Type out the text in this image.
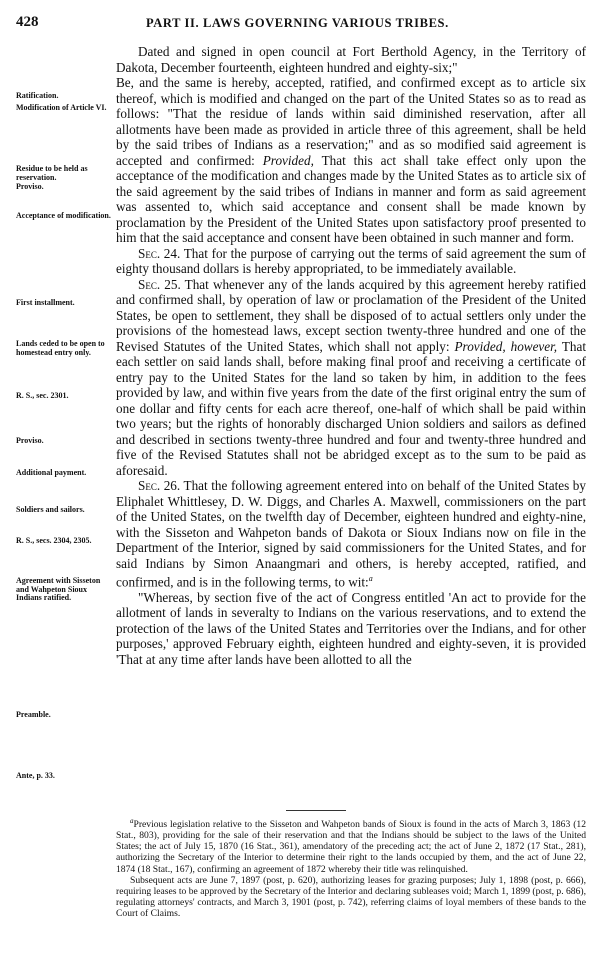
428	PART II. LAWS GOVERNING VARIOUS TRIBES.
Ratification.
Modification of Article VI.
Residue to be held as reservation.
Proviso.
Acceptance of modification.
First installment.
Lands ceded to be open to homestead entry only.
R. S., sec. 2301.
Proviso.
Additional payment.
Soldiers and sailors.
R. S., secs. 2304, 2305.
Agreement with Sisseton and Wahpeton Sioux Indians ratified.
Preamble.
Ante, p. 33.

Dated and signed in open council at Fort Berthold Agency, in the Territory of Dakota, December fourteenth, eighteen hundred and eighty-six;"

Be, and the same is hereby, accepted, ratified, and confirmed except as to article six thereof, which is modified and changed on the part of the United States so as to read as follows: "That the residue of lands within said diminished reservation, after all allotments have been made as provided in article three of this agreement, shall be held by the said tribes of Indians as a reservation;" and as so modified said agreement is accepted and confirmed: Provided, That this act shall take effect only upon the acceptance of the modification and changes made by the United States as to article six of the said agreement by the said tribes of Indians in manner and form as said agreement was assented to, which said acceptance and consent shall be made known by proclamation by the President of the United States upon satisfactory proof presented to him that the said acceptance and consent have been obtained in such manner and form.

Sec. 24. That for the purpose of carrying out the terms of said agreement the sum of eighty thousand dollars is hereby appropriated, to be immediately available.

Sec. 25. That whenever any of the lands acquired by this agreement hereby ratified and confirmed shall, by operation of law or proclamation of the President of the United States, be open to settlement, they shall be disposed of to actual settlers only under the provisions of the homestead laws, except section twenty-three hundred and one of the Revised Statutes of the United States, which shall not apply: Provided, however, That each settler on said lands shall, before making final proof and receiving a certificate of entry pay to the United States for the land so taken by him, in addition to the fees provided by law, and within five years from the date of the first original entry the sum of one dollar and fifty cents for each acre thereof, one-half of which shall be paid within two years; but the rights of honorably discharged Union soldiers and sailors as defined and described in sections twenty-three hundred and four and twenty-three hundred and five of the Revised Statutes shall not be abridged except as to the sum to be paid as aforesaid.

Sec. 26. That the following agreement entered into on behalf of the United States by Eliphalet Whittlesey, D. W. Diggs, and Charles A. Maxwell, commissioners on the part of the United States, on the twelfth day of December, eighteen hundred and eighty-nine, with the Sisseton and Wahpeton bands of Dakota or Sioux Indians now on file in the Department of the Interior, signed by said commissioners for the United States, and for said Indians by Simon Anaangmari and others, is hereby accepted, ratified, and confirmed, and is in the following terms, to wit:$^a$

"Whereas, by section five of the act of Congress entitled 'An act to provide for the allotment of lands in severalty to Indians on the various reservations, and to extend the protection of the laws of the United States and Territories over the Indians, and for other purposes,' approved February eighth, eighteen hundred and eighty-seven, it is provided 'That at any time after lands have been allotted to all the

$^a$Previous legislation relative to the Sisseton and Wahpeton bands of Sioux is found in the acts of March 3, 1863 (12 Stat., 803), providing for the sale of their reservation and that the Indians should be subject to the laws of the United States; the act of July 15, 1870 (16 Stat., 361), amendatory of the preceding act; the act of June 2, 1872 (17 Stat., 281), authorizing the Secretary of the Interior to determine their right to the lands occupied by them, and the act of June 22, 1874 (18 Stat., 167), confirming an agreement of 1872 whereby their title was relinquished.

Subsequent acts are June 7, 1897 (post, p. 620), authorizing leases for grazing purposes; July 1, 1898 (post, p. 666), requiring leases to be approved by the Secretary of the Interior and declaring subleases void; March 1, 1899 (post, p. 686), regulating attorneys' contracts, and March 3, 1901 (post, p. 742), referring claims of loyal members of these bands to the Court of Claims.
